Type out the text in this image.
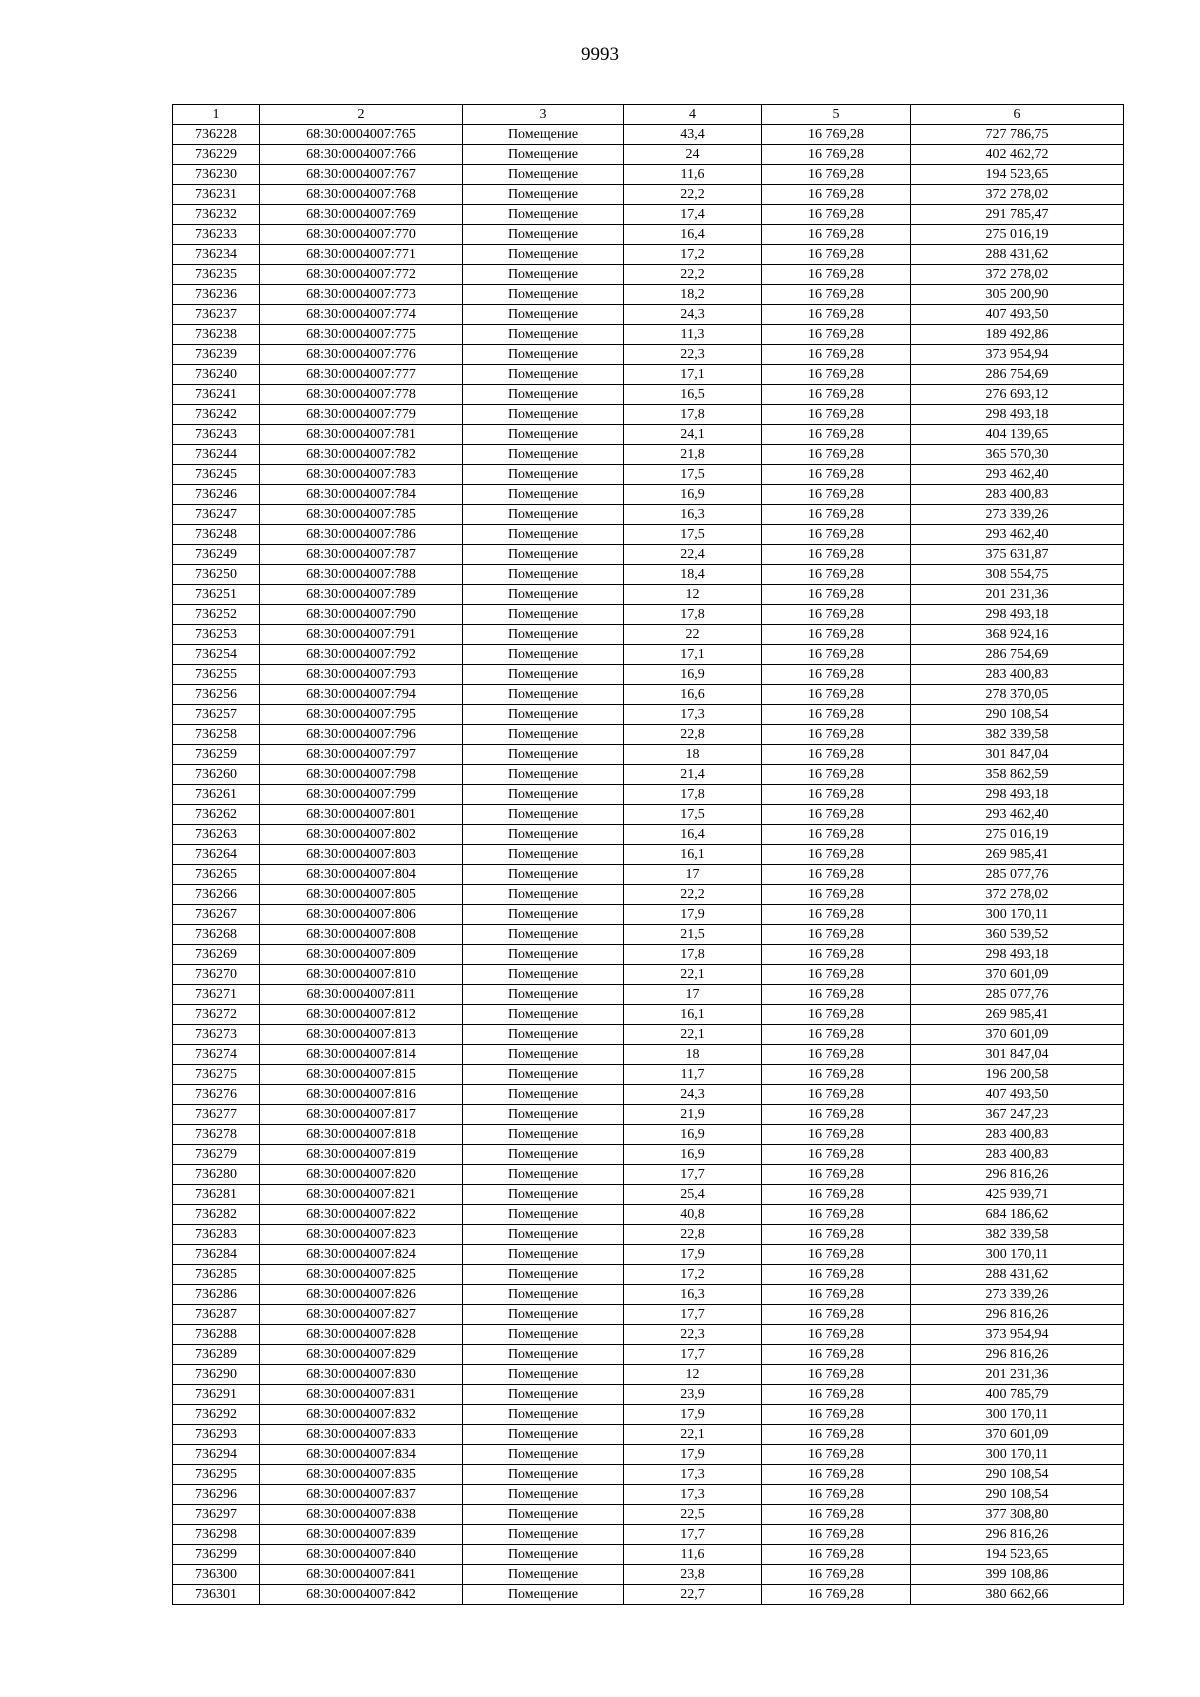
9993
1	2	3	4	5	6
736228	68:30:0004007:765	Помещение	43,4	16 769,28	727 786,75
736229	68:30:0004007:766	Помещение	24	16 769,28	402 462,72
736230	68:30:0004007:767	Помещение	11,6	16 769,28	194 523,65
736231	68:30:0004007:768	Помещение	22,2	16 769,28	372 278,02
736232	68:30:0004007:769	Помещение	17,4	16 769,28	291 785,47
736233	68:30:0004007:770	Помещение	16,4	16 769,28	275 016,19
736234	68:30:0004007:771	Помещение	17,2	16 769,28	288 431,62
736235	68:30:0004007:772	Помещение	22,2	16 769,28	372 278,02
736236	68:30:0004007:773	Помещение	18,2	16 769,28	305 200,90
736237	68:30:0004007:774	Помещение	24,3	16 769,28	407 493,50
736238	68:30:0004007:775	Помещение	11,3	16 769,28	189 492,86
736239	68:30:0004007:776	Помещение	22,3	16 769,28	373 954,94
736240	68:30:0004007:777	Помещение	17,1	16 769,28	286 754,69
736241	68:30:0004007:778	Помещение	16,5	16 769,28	276 693,12
736242	68:30:0004007:779	Помещение	17,8	16 769,28	298 493,18
736243	68:30:0004007:781	Помещение	24,1	16 769,28	404 139,65
736244	68:30:0004007:782	Помещение	21,8	16 769,28	365 570,30
736245	68:30:0004007:783	Помещение	17,5	16 769,28	293 462,40
736246	68:30:0004007:784	Помещение	16,9	16 769,28	283 400,83
736247	68:30:0004007:785	Помещение	16,3	16 769,28	273 339,26
736248	68:30:0004007:786	Помещение	17,5	16 769,28	293 462,40
736249	68:30:0004007:787	Помещение	22,4	16 769,28	375 631,87
736250	68:30:0004007:788	Помещение	18,4	16 769,28	308 554,75
736251	68:30:0004007:789	Помещение	12	16 769,28	201 231,36
736252	68:30:0004007:790	Помещение	17,8	16 769,28	298 493,18
736253	68:30:0004007:791	Помещение	22	16 769,28	368 924,16
736254	68:30:0004007:792	Помещение	17,1	16 769,28	286 754,69
736255	68:30:0004007:793	Помещение	16,9	16 769,28	283 400,83
736256	68:30:0004007:794	Помещение	16,6	16 769,28	278 370,05
736257	68:30:0004007:795	Помещение	17,3	16 769,28	290 108,54
736258	68:30:0004007:796	Помещение	22,8	16 769,28	382 339,58
736259	68:30:0004007:797	Помещение	18	16 769,28	301 847,04
736260	68:30:0004007:798	Помещение	21,4	16 769,28	358 862,59
736261	68:30:0004007:799	Помещение	17,8	16 769,28	298 493,18
736262	68:30:0004007:801	Помещение	17,5	16 769,28	293 462,40
736263	68:30:0004007:802	Помещение	16,4	16 769,28	275 016,19
736264	68:30:0004007:803	Помещение	16,1	16 769,28	269 985,41
736265	68:30:0004007:804	Помещение	17	16 769,28	285 077,76
736266	68:30:0004007:805	Помещение	22,2	16 769,28	372 278,02
736267	68:30:0004007:806	Помещение	17,9	16 769,28	300 170,11
736268	68:30:0004007:808	Помещение	21,5	16 769,28	360 539,52
736269	68:30:0004007:809	Помещение	17,8	16 769,28	298 493,18
736270	68:30:0004007:810	Помещение	22,1	16 769,28	370 601,09
736271	68:30:0004007:811	Помещение	17	16 769,28	285 077,76
736272	68:30:0004007:812	Помещение	16,1	16 769,28	269 985,41
736273	68:30:0004007:813	Помещение	22,1	16 769,28	370 601,09
736274	68:30:0004007:814	Помещение	18	16 769,28	301 847,04
736275	68:30:0004007:815	Помещение	11,7	16 769,28	196 200,58
736276	68:30:0004007:816	Помещение	24,3	16 769,28	407 493,50
736277	68:30:0004007:817	Помещение	21,9	16 769,28	367 247,23
736278	68:30:0004007:818	Помещение	16,9	16 769,28	283 400,83
736279	68:30:0004007:819	Помещение	16,9	16 769,28	283 400,83
736280	68:30:0004007:820	Помещение	17,7	16 769,28	296 816,26
736281	68:30:0004007:821	Помещение	25,4	16 769,28	425 939,71
736282	68:30:0004007:822	Помещение	40,8	16 769,28	684 186,62
736283	68:30:0004007:823	Помещение	22,8	16 769,28	382 339,58
736284	68:30:0004007:824	Помещение	17,9	16 769,28	300 170,11
736285	68:30:0004007:825	Помещение	17,2	16 769,28	288 431,62
736286	68:30:0004007:826	Помещение	16,3	16 769,28	273 339,26
736287	68:30:0004007:827	Помещение	17,7	16 769,28	296 816,26
736288	68:30:0004007:828	Помещение	22,3	16 769,28	373 954,94
736289	68:30:0004007:829	Помещение	17,7	16 769,28	296 816,26
736290	68:30:0004007:830	Помещение	12	16 769,28	201 231,36
736291	68:30:0004007:831	Помещение	23,9	16 769,28	400 785,79
736292	68:30:0004007:832	Помещение	17,9	16 769,28	300 170,11
736293	68:30:0004007:833	Помещение	22,1	16 769,28	370 601,09
736294	68:30:0004007:834	Помещение	17,9	16 769,28	300 170,11
736295	68:30:0004007:835	Помещение	17,3	16 769,28	290 108,54
736296	68:30:0004007:837	Помещение	17,3	16 769,28	290 108,54
736297	68:30:0004007:838	Помещение	22,5	16 769,28	377 308,80
736298	68:30:0004007:839	Помещение	17,7	16 769,28	296 816,26
736299	68:30:0004007:840	Помещение	11,6	16 769,28	194 523,65
736300	68:30:0004007:841	Помещение	23,8	16 769,28	399 108,86
736301	68:30:0004007:842	Помещение	22,7	16 769,28	380 662,66
